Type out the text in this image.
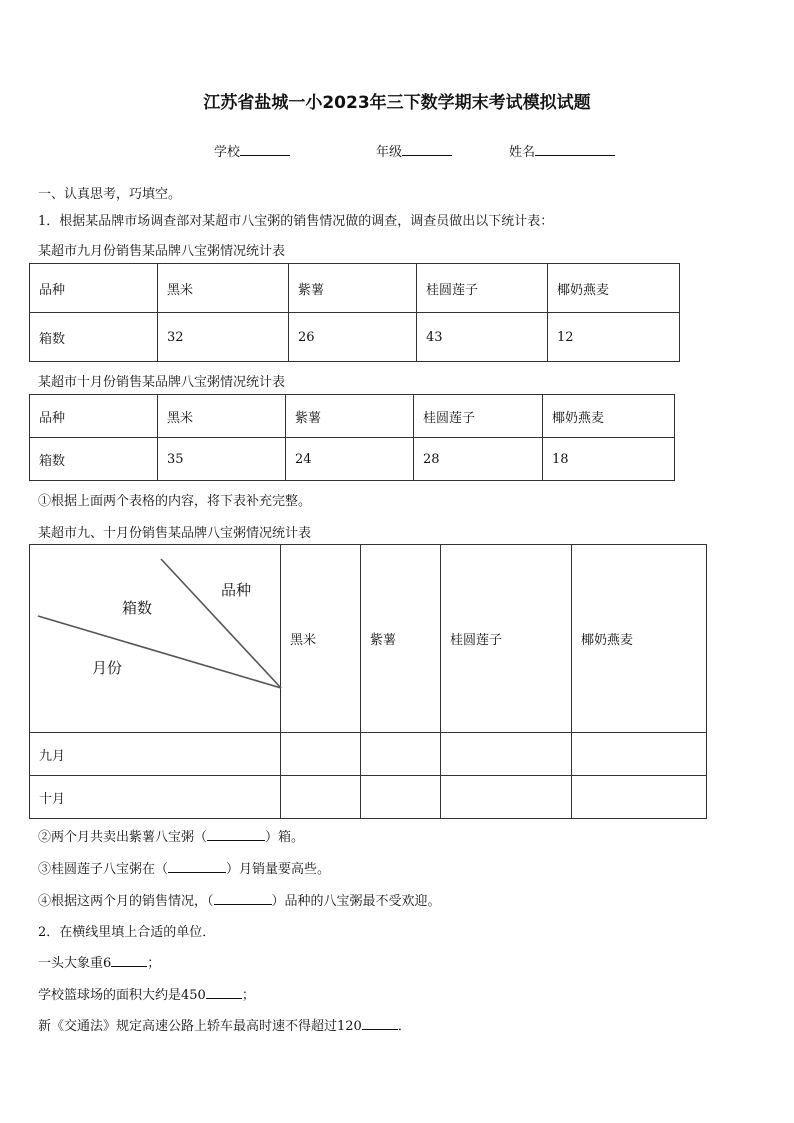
江苏省盐城一小2023年三下数学期末考试模拟试题
学校	年级	姓名
一、认真思考，巧填空。
1．根据某品牌市场调查部对某超市八宝粥的销售情况做的调查，调查员做出以下统计表：
某超市九月份销售某品牌八宝粥情况统计表
品种	黑米	紫薯	桂圆莲子	椰奶燕麦
箱数	32	26	43	12
某超市十月份销售某品牌八宝粥情况统计表
品种	黑米	紫薯	桂圆莲子	椰奶燕麦
箱数	35	24	28	18
①根据上面两个表格的内容，将下表补充完整。
某超市九、十月份销售某品牌八宝粥情况统计表
品种
箱数
月份	黑米	紫薯	桂圆莲子	椰奶燕麦
九月				
十月				
②两个月共卖出紫薯八宝粥（	）箱。
③桂圆莲子八宝粥在（	）月销量要高些。
④根据这两个月的销售情况，（	）品种的八宝粥最不受欢迎。
2．在横线里填上合适的单位．
一头大象重6	；
学校篮球场的面积大约是450	；
新《交通法》规定高速公路上轿车最高时速不得超过120	．
